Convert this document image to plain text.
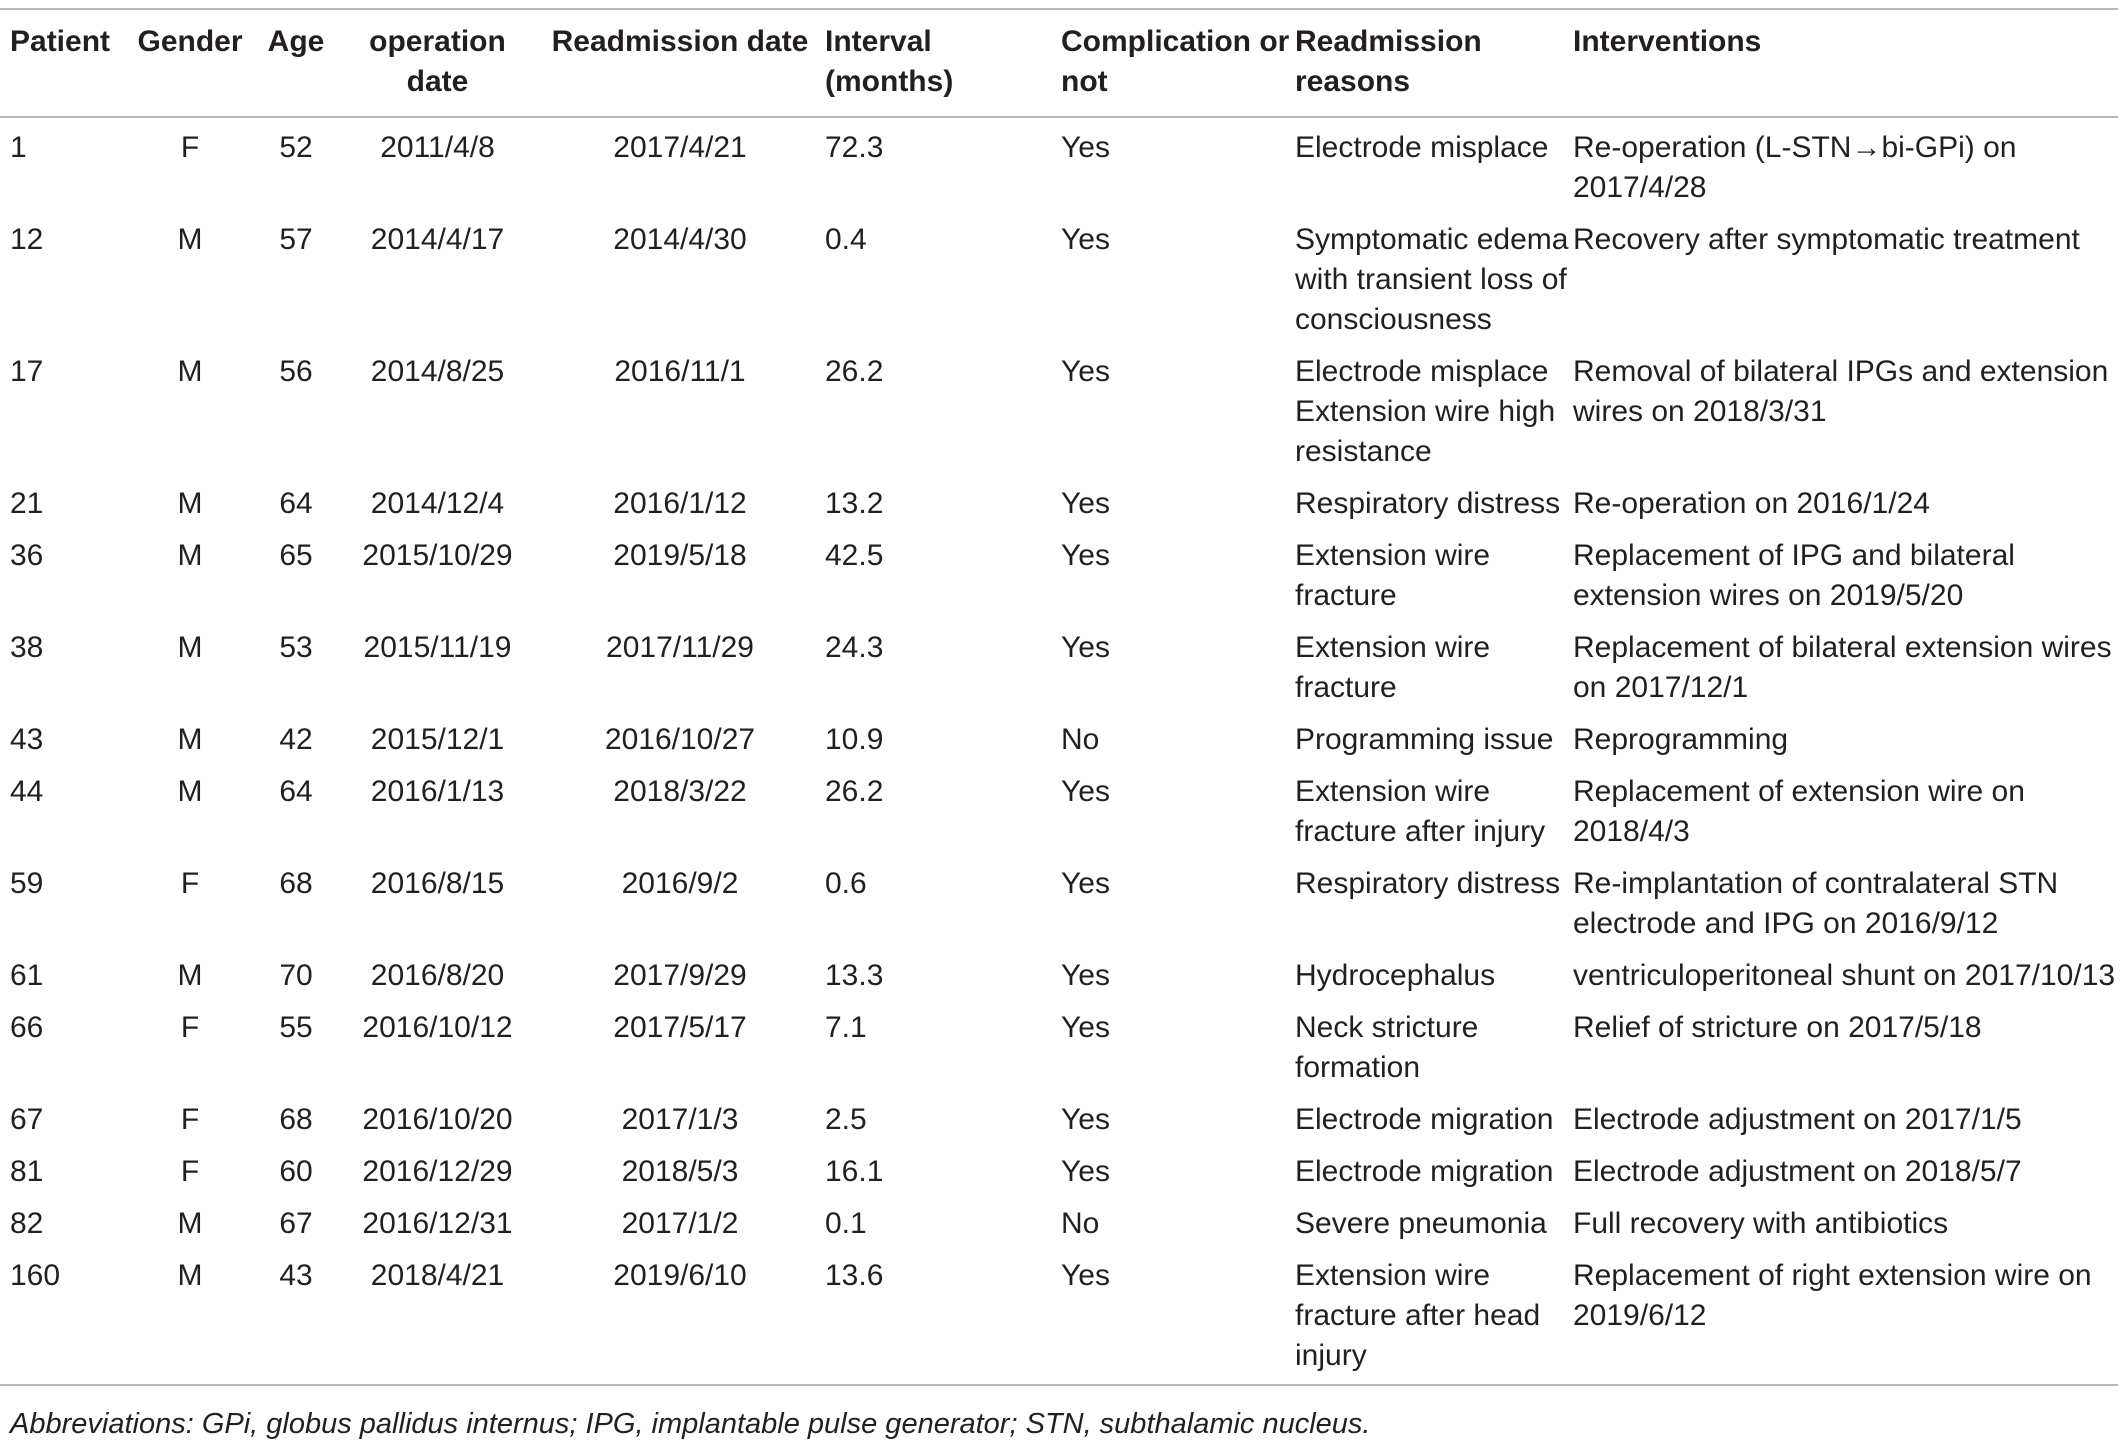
Patient	Gender	Age	operation date	Readmission date	Interval (months)	Complication or not	Readmission reasons	Interventions
1	F	52	2011/4/8	2017/4/21	72.3	Yes	Electrode misplace	Re-operation (L-STN→bi-GPi) on 2017/4/28
12	M	57	2014/4/17	2014/4/30	0.4	Yes	Symptomatic edema with transient loss of consciousness	Recovery after symptomatic treatment
17	M	56	2014/8/25	2016/11/1	26.2	Yes	Electrode misplace Extension wire high resistance	Removal of bilateral IPGs and extension wires on 2018/3/31
21	M	64	2014/12/4	2016/1/12	13.2	Yes	Respiratory distress	Re-operation on 2016/1/24
36	M	65	2015/10/29	2019/5/18	42.5	Yes	Extension wire fracture	Replacement of IPG and bilateral extension wires on 2019/5/20
38	M	53	2015/11/19	2017/11/29	24.3	Yes	Extension wire fracture	Replacement of bilateral extension wires on 2017/12/1
43	M	42	2015/12/1	2016/10/27	10.9	No	Programming issue	Reprogramming
44	M	64	2016/1/13	2018/3/22	26.2	Yes	Extension wire fracture after injury	Replacement of extension wire on 2018/4/3
59	F	68	2016/8/15	2016/9/2	0.6	Yes	Respiratory distress	Re-implantation of contralateral STN electrode and IPG on 2016/9/12
61	M	70	2016/8/20	2017/9/29	13.3	Yes	Hydrocephalus	ventriculoperitoneal shunt on 2017/10/13
66	F	55	2016/10/12	2017/5/17	7.1	Yes	Neck stricture formation	Relief of stricture on 2017/5/18
67	F	68	2016/10/20	2017/1/3	2.5	Yes	Electrode migration	Electrode adjustment on 2017/1/5
81	F	60	2016/12/29	2018/5/3	16.1	Yes	Electrode migration	Electrode adjustment on 2018/5/7
82	M	67	2016/12/31	2017/1/2	0.1	No	Severe pneumonia	Full recovery with antibiotics
160	M	43	2018/4/21	2019/6/10	13.6	Yes	Extension wire fracture after head injury	Replacement of right extension wire on 2019/6/12
Abbreviations: GPi, globus pallidus internus; IPG, implantable pulse generator; STN, subthalamic nucleus.
